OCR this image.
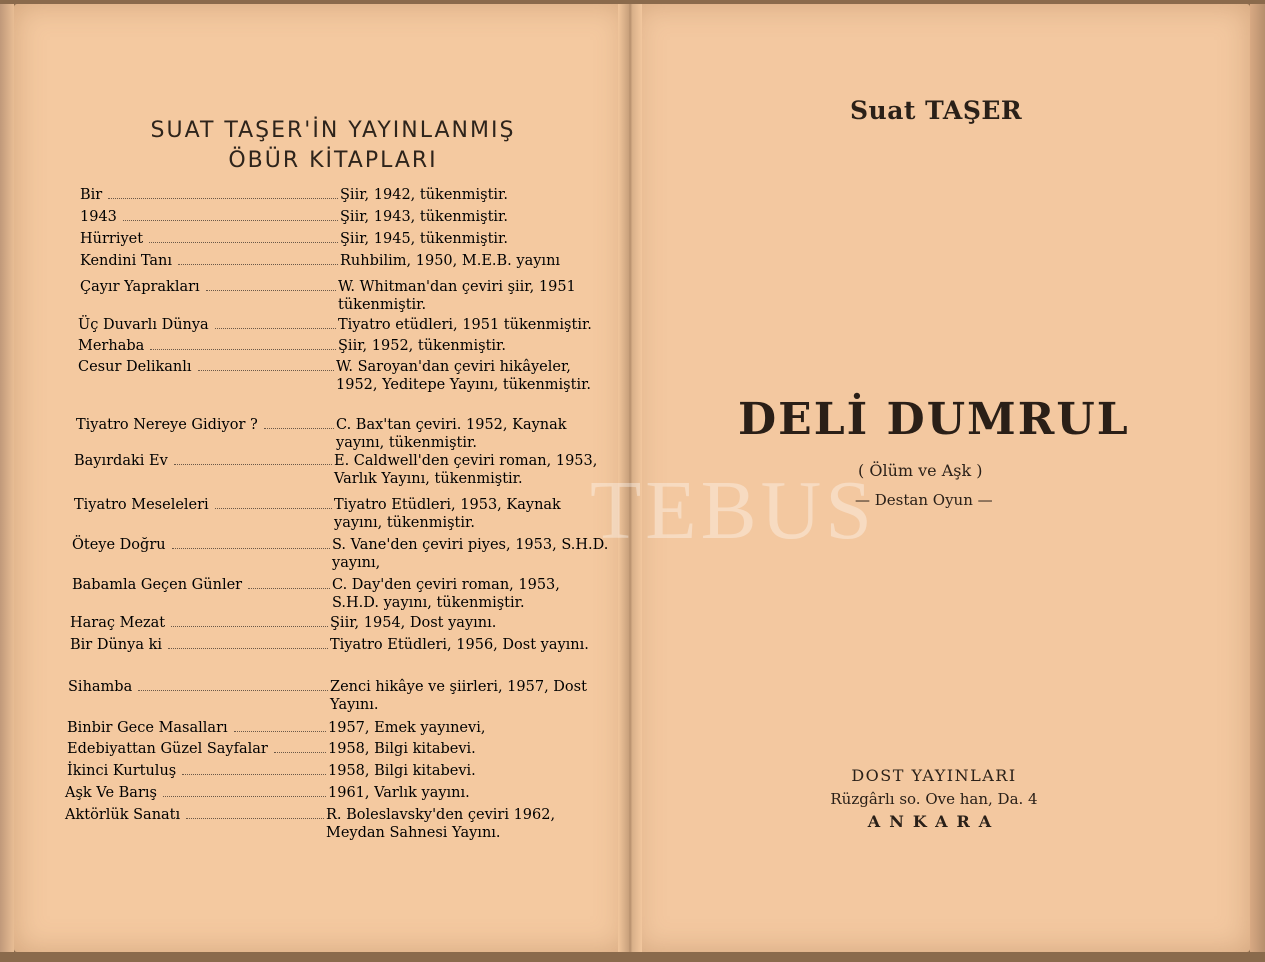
SUAT TAŞER'İN YAYINLANMIŞ
ÖBÜR KİTAPLARI
Bir	Şiir, 1942, tükenmiştir.
1943	Şiir, 1943, tükenmiştir.
Hürriyet	Şiir, 1945, tükenmiştir.
Kendini Tanı	Ruhbilim, 1950, M.E.B. yayını
Çayır Yaprakları	W. Whitman'dan çeviri şiir, 1951 tükenmiştir.
Üç Duvarlı Dünya	Tiyatro etüdleri, 1951 tükenmiştir.
Merhaba	Şiir, 1952, tükenmiştir.
Cesur Delikanlı	W. Saroyan'dan çeviri hikâyeler, 1952, Yeditepe Yayını, tükenmiştir.
Tiyatro Nereye Gidiyor ?	C. Bax'tan çeviri. 1952, Kaynak yayını, tükenmiştir.
Bayırdaki Ev	E. Caldwell'den çeviri roman, 1953, Varlık Yayını, tükenmiştir.
Tiyatro Meseleleri	Tiyatro Etüdleri, 1953, Kaynak yayını, tükenmiştir.
Öteye Doğru	S. Vane'den çeviri piyes, 1953, S.H.D. yayını,
Babamla Geçen Günler	C. Day'den çeviri roman, 1953, S.H.D. yayını, tükenmiştir.
Haraç Mezat	Şiir, 1954, Dost yayını.
Bir Dünya ki	Tiyatro Etüdleri, 1956, Dost yayını.
Sihamba	Zenci hikâye ve şiirleri, 1957, Dost Yayını.
Binbir Gece Masalları	1957, Emek yayınevi,
Edebiyattan Güzel Sayfalar	1958, Bilgi kitabevi.
İkinci Kurtuluş	1958, Bilgi kitabevi.
Aşk Ve Barış	1961, Varlık yayını.
Aktörlük Sanatı	R. Boleslavsky'den çeviri 1962, Meydan Sahnesi Yayını.
Suat TAŞER
DELİ DUMRUL
( Ölüm ve Aşk )
— Destan Oyun —
TEBUS
DOST YAYINLARI
Rüzgârlı so. Ove han, Da. 4
ANKARA
